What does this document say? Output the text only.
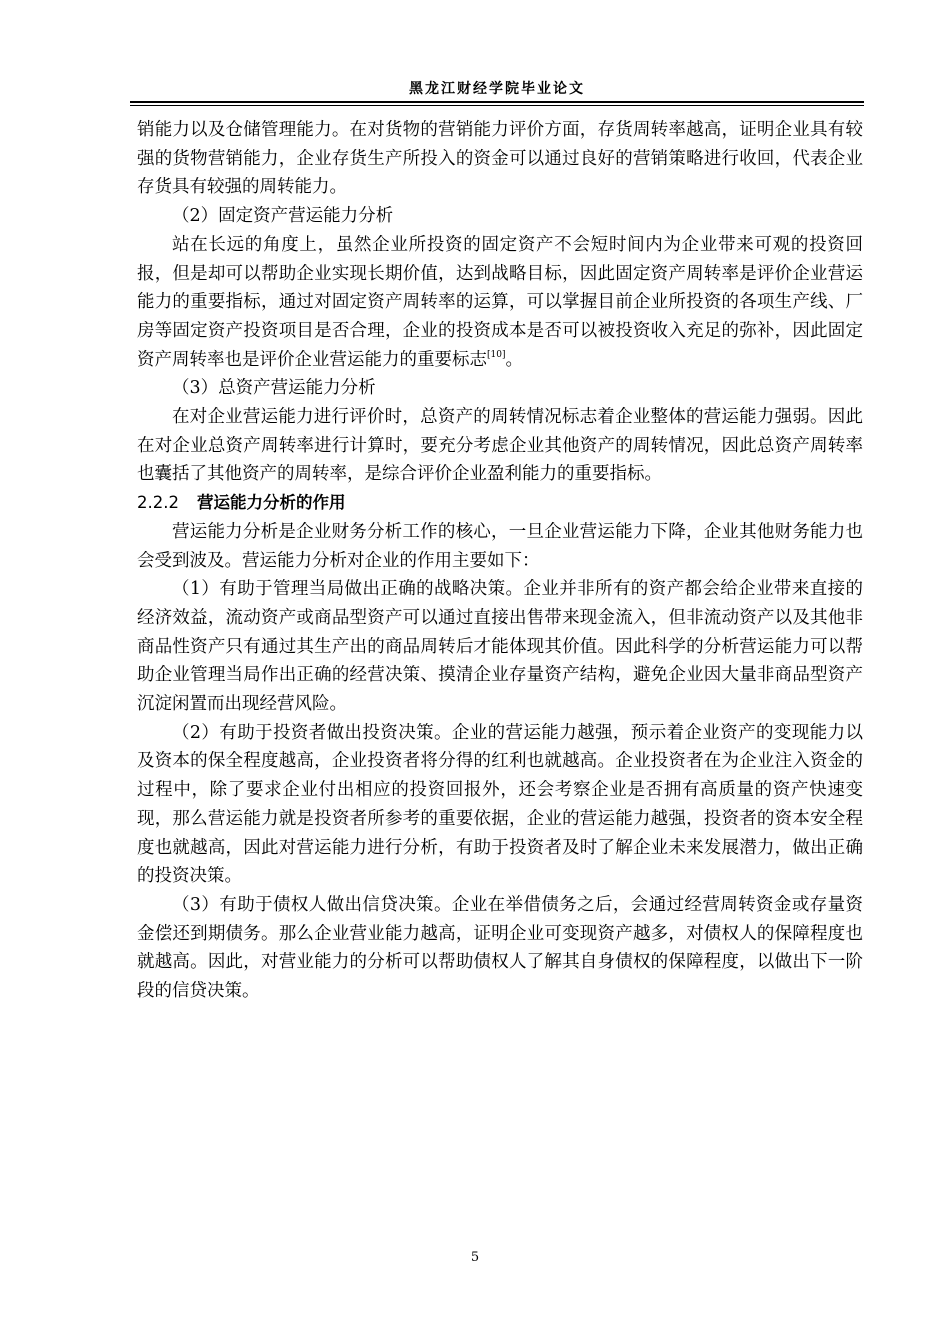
黑龙江财经学院毕业论文

销能力以及仓储管理能力。在对货物的营销能力评价方面，存货周转率越高，证明企业具有较强的货物营销能力，企业存货生产所投入的资金可以通过良好的营销策略进行收回，代表企业存货具有较强的周转能力。

（2）固定资产营运能力分析

站在长远的角度上，虽然企业所投资的固定资产不会短时间内为企业带来可观的投资回报，但是却可以帮助企业实现长期价值，达到战略目标，因此固定资产周转率是评价企业营运能力的重要指标，通过对固定资产周转率的运算，可以掌握目前企业所投资的各项生产线、厂房等固定资产投资项目是否合理，企业的投资成本是否可以被投资收入充足的弥补，因此固定资产周转率也是评价企业营运能力的重要标志[10]。

（3）总资产营运能力分析

在对企业营运能力进行评价时，总资产的周转情况标志着企业整体的营运能力强弱。因此在对企业总资产周转率进行计算时，要充分考虑企业其他资产的周转情况，因此总资产周转率也囊括了其他资产的周转率，是综合评价企业盈利能力的重要指标。

2.2.2 营运能力分析的作用

营运能力分析是企业财务分析工作的核心，一旦企业营运能力下降，企业其他财务能力也会受到波及。营运能力分析对企业的作用主要如下：

（1）有助于管理当局做出正确的战略决策。企业并非所有的资产都会给企业带来直接的经济效益，流动资产或商品型资产可以通过直接出售带来现金流入，但非流动资产以及其他非商品性资产只有通过其生产出的商品周转后才能体现其价值。因此科学的分析营运能力可以帮助企业管理当局作出正确的经营决策、摸清企业存量资产结构，避免企业因大量非商品型资产沉淀闲置而出现经营风险。

（2）有助于投资者做出投资决策。企业的营运能力越强，预示着企业资产的变现能力以及资本的保全程度越高，企业投资者将分得的红利也就越高。企业投资者在为企业注入资金的过程中，除了要求企业付出相应的投资回报外，还会考察企业是否拥有高质量的资产快速变现，那么营运能力就是投资者所参考的重要依据，企业的营运能力越强，投资者的资本安全程度也就越高，因此对营运能力进行分析，有助于投资者及时了解企业未来发展潜力，做出正确的投资决策。

（3）有助于债权人做出信贷决策。企业在举借债务之后，会通过经营周转资金或存量资金偿还到期债务。那么企业营业能力越高，证明企业可变现资产越多，对债权人的保障程度也就越高。因此，对营业能力的分析可以帮助债权人了解其自身债权的保障程度，以做出下一阶段的信贷决策。

5
